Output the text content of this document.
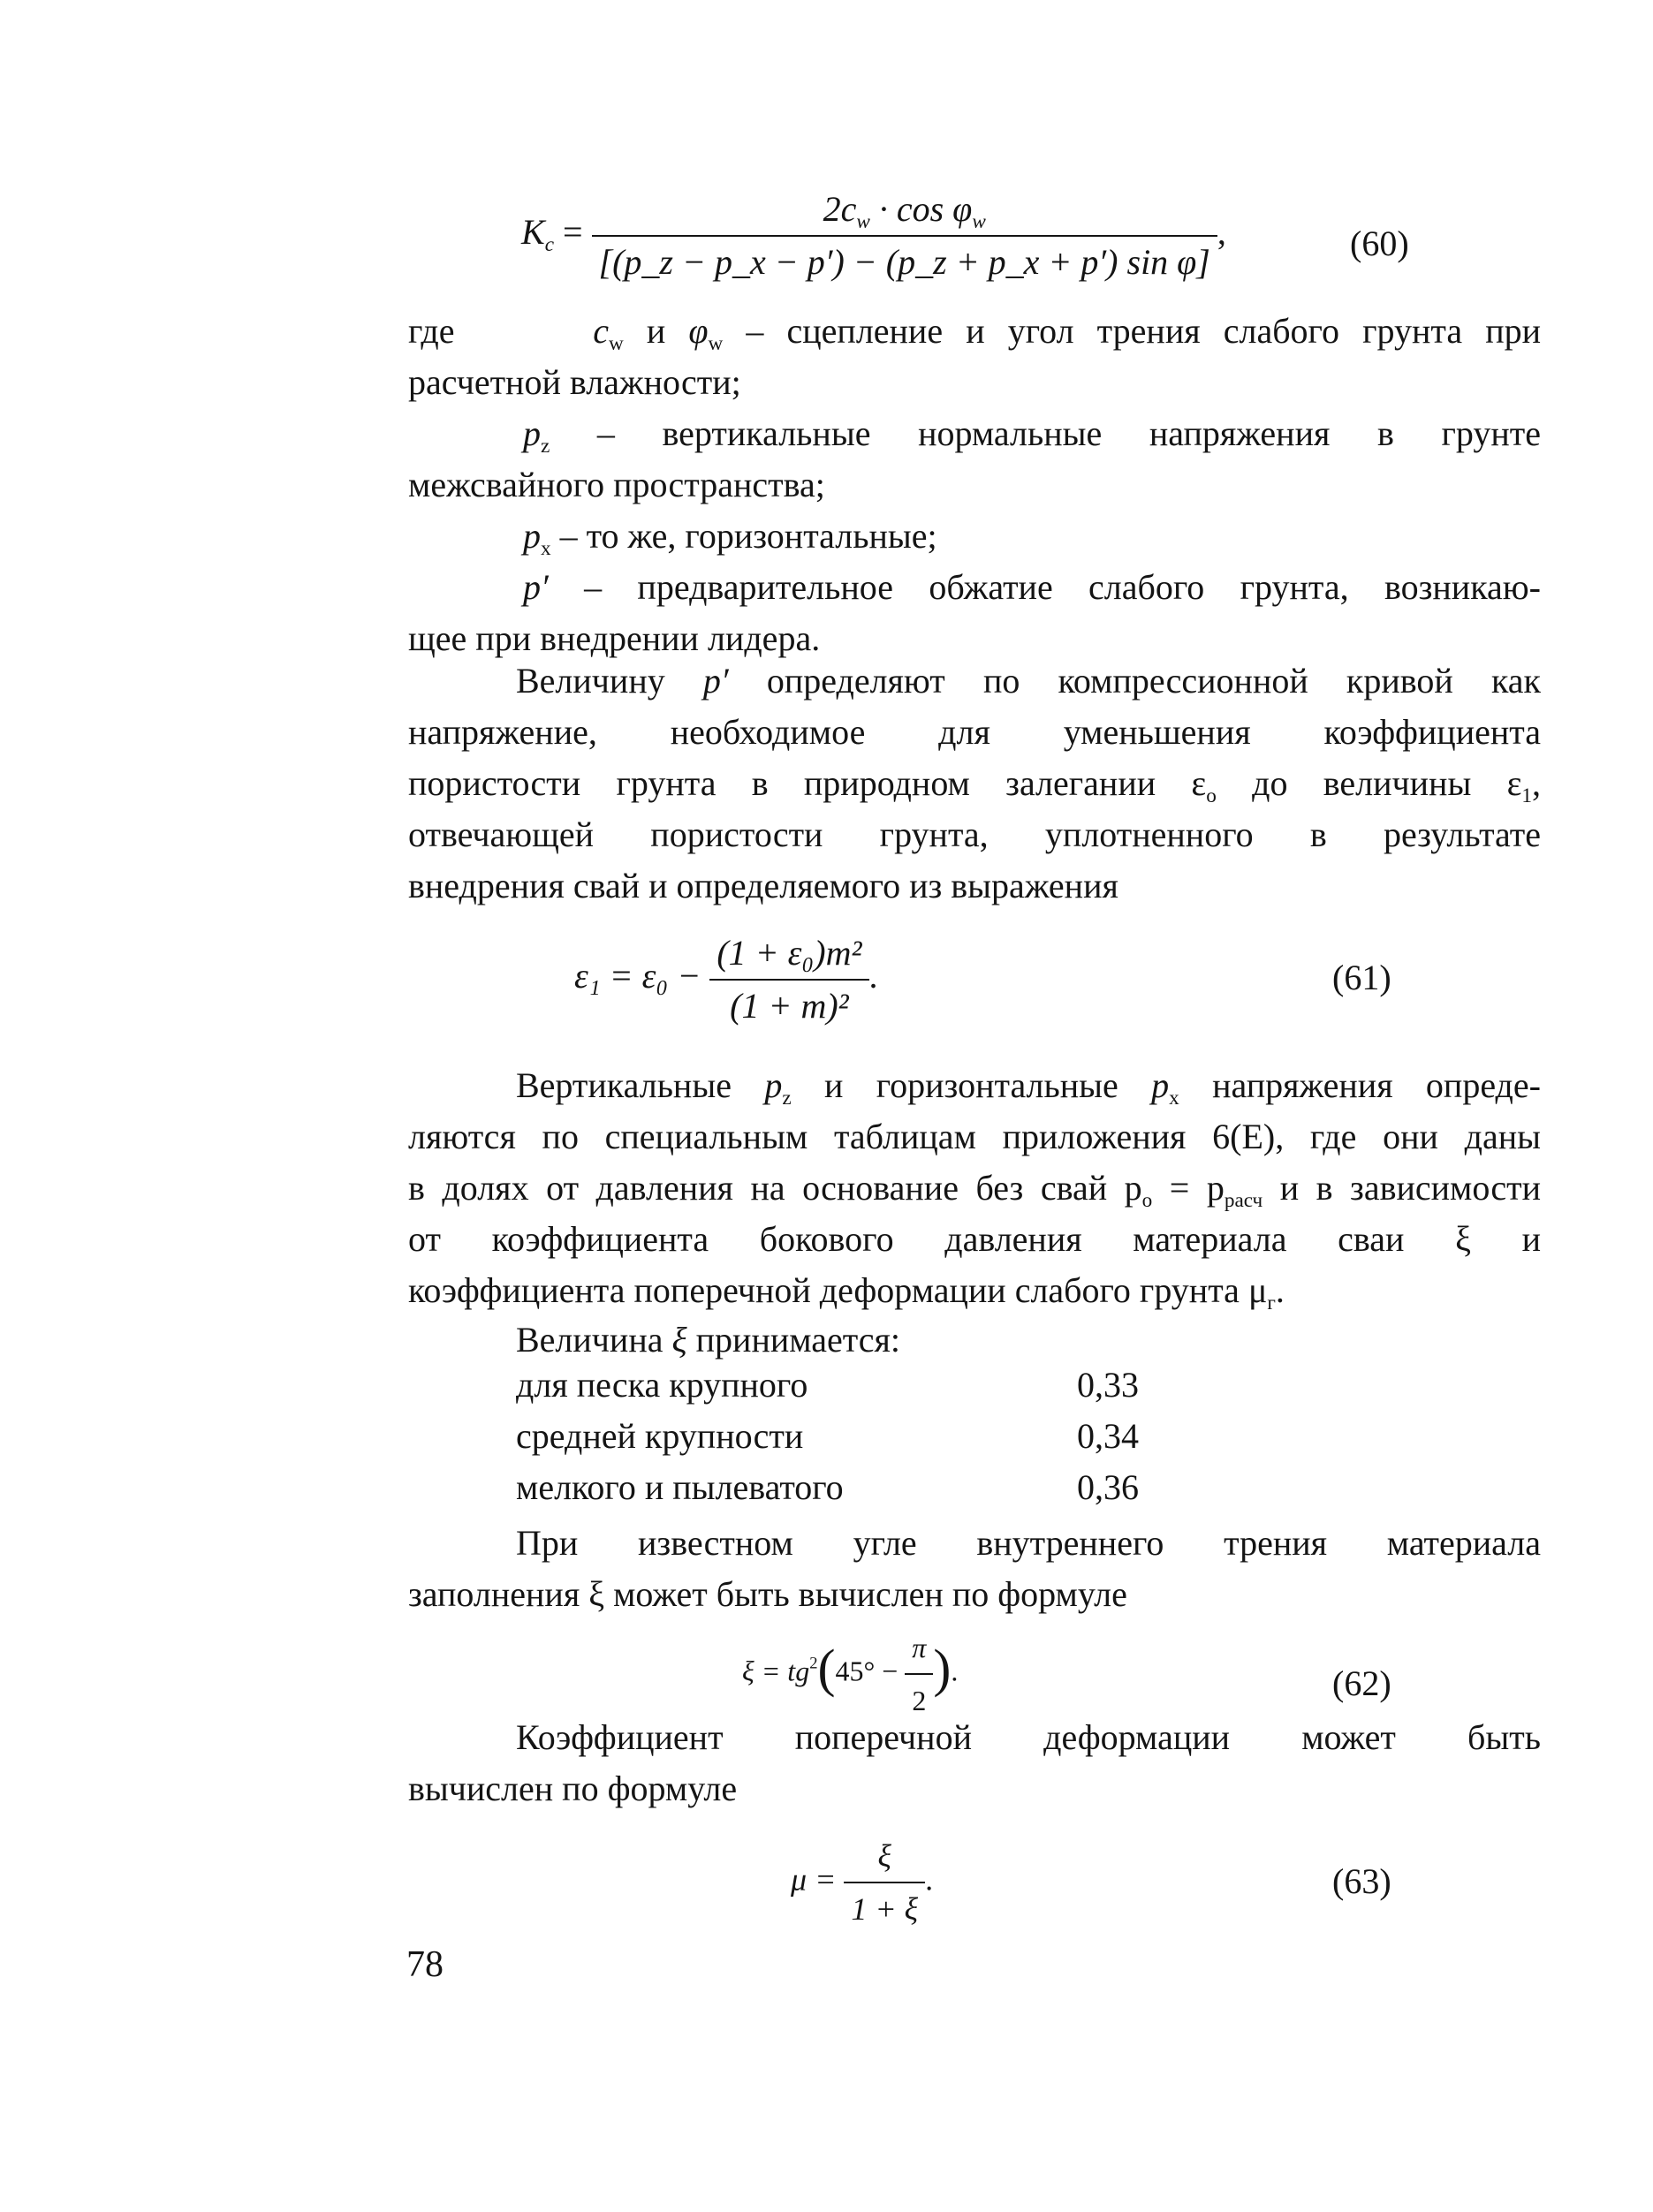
$K_c = \frac{2c_w \cdot \cos \varphi_w}{\text{[(p\_z − p\_x − p′) − (p\_z + p\_x + p′) sin φ]}}$ ,	(60)

где	$c_w$ и $\varphi_w$ – сцепление и угол трения слабого грунта при

расчетной влажности;

$p_z$ – вертикальные нормальные напряжения в грунте

межсвайного пространства;

$p_x$ – то же, горизонтальные;

p′ – предварительное обжатие слабого грунта, возникаю-

щее при внедрении лидера.

Величину p′ определяют по компрессионной кривой как

напряжение, необходимое для уменьшения коэффициента

пористости грунта в природном залегании $\varepsilon_о$ до величины $\varepsilon_1$,

отвечающей пористости грунта, уплотненного в результате

внедрения свай и определяемого из выражения

$\varepsilon_1 = \varepsilon_0 - \frac{\text{(1 + ε₀)m²}}{\text{(1 + m)²}}$ .	(61)

Вертикальные $p_z$ и горизонтальные $p_x$ напряжения опреде-

ляются по специальным таблицам приложения 6(Е), где они даны

в долях от давления на основание без свай $p_о = p_{расч}$ и в зависимости

от коэффициента бокового давления материала сваи ξ и

коэффициента поперечной деформации слабого грунта $\mu_г$.

Величина ξ принимается:

для песка крупного	0,33
средней крупности	0,34
мелкого и пылеватого	0,36

При известном угле внутреннего трения материала

заполнения ξ может быть вычислен по формуле

$\xi = tg^2(45^\circ - \frac{\pi}{2}$ ).	(62)

Коэффициент поперечной деформации может быть

вычислен по формуле

$\mu = \frac{\xi}{1 + \xi}$ .	(63)
78
